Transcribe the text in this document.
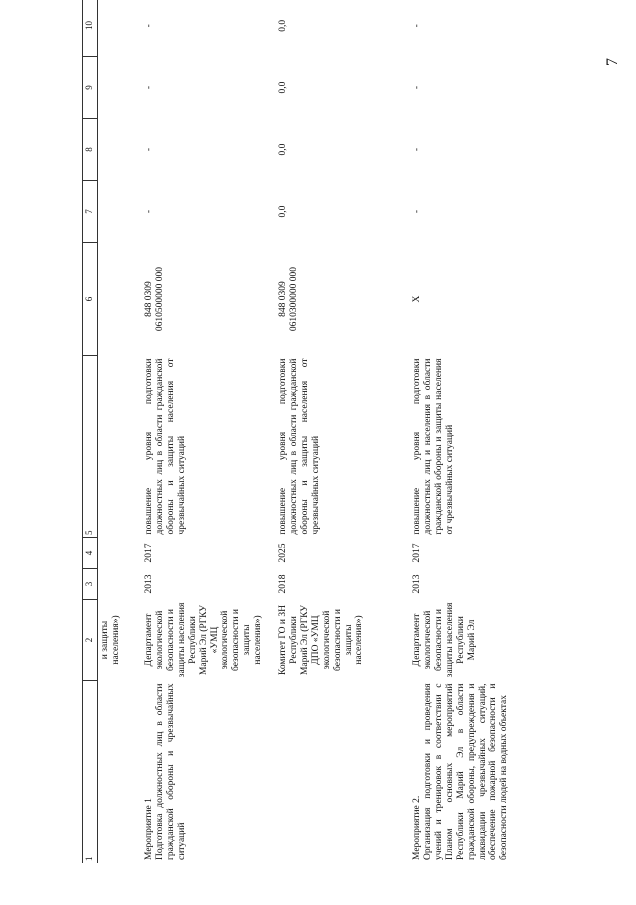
7
1	2	3	4	5	6	7	8	9	10
	и защиты
населения»)								
Мероприятие 1
Подготовка должностных лиц в области гражданской обороны и чрезвычайных ситуаций	Департамент экологической безопасности и защиты населения Республики Марий Эл (РГКУ «УМЦ экологической безопасности и защиты населения»)	2013	2017	повышение уровня подготовки должностных лиц в области гражданской обороны и защиты населения от чрезвычайных ситуаций	848 0309
0610500000 000	-	-	-	-
	Комитет ГО и ЗН Республики Марий Эл (РГКУ ДПО «УМЦ экологической безопасности и защиты населения»)	2018	2025	повышение уровня подготовки должностных лиц в области гражданской обороны и защиты населения от чрезвычайных ситуаций	848 0309
0610300000 000	0,0	0,0	0,0	0,0
Мероприятие 2.
Организация подготовки и проведения учений и тренировок в соответствии с Планом основных мероприятий Республики Марий Эл в области гражданской обороны, предупреждения и ликвидации чрезвычайных ситуаций, обеспечение пожарной безопасности и безопасности людей на водных объектах	Департамент экологической безопасности и защиты населения Республики Марий Эл	2013	2017	повышение уровня подготовки должностных лиц и населения в области гражданской обороны и защиты населения от чрезвычайных ситуаций	Х	-	-	-	-
